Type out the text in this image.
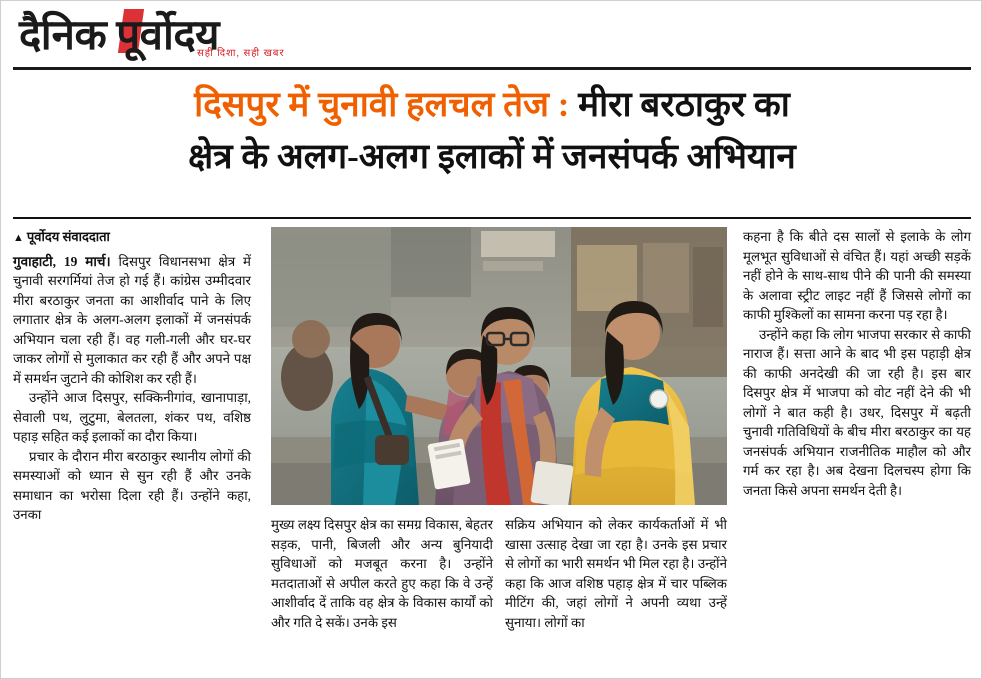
दैनिक पूर्वोदय
सही दिशा, सही खबर
दिसपुर में चुनावी हलचल तेज : मीरा बरठाकुर का
क्षेत्र के अलग-अलग इलाकों में जनसंपर्क अभियान
▲ पूर्वोदय संवाददाता

गुवाहाटी, 19 मार्च। दिसपुर विधानसभा क्षेत्र में चुनावी सरगर्मियां तेज हो गई हैं। कांग्रेस उम्मीदवार मीरा बरठाकुर जनता का आशीर्वाद पाने के लिए लगातार क्षेत्र के अलग-अलग इलाकों में जनसंपर्क अभियान चला रही हैं। वह गली-गली और घर-घर जाकर लोगों से मुलाकात कर रही हैं और अपने पक्ष में समर्थन जुटाने की कोशिश कर रही हैं।

उन्होंने आज दिसपुर, सक्किनीगांव, खानापाड़ा, सेवाली पथ, लुटुमा, बेलतला, शंकर पथ, वशिष्ठ पहाड़ सहित कई इलाकों का दौरा किया।

प्रचार के दौरान मीरा बरठाकुर स्थानीय लोगों की समस्याओं को ध्यान से सुन रही हैं और उनके समाधान का भरोसा दिला रही हैं। उन्होंने कहा, उनका

मुख्य लक्ष्य दिसपुर क्षेत्र का समग्र विकास, बेहतर सड़क, पानी, बिजली और अन्य बुनियादी सुविधाओं को मजबूत करना है। उन्होंने मतदाताओं से अपील करते हुए कहा कि वे उन्हें आशीर्वाद दें ताकि वह क्षेत्र के विकास कार्यों को और गति दे सकें। उनके इस

सक्रिय अभियान को लेकर कार्यकर्ताओं में भी खासा उत्साह देखा जा रहा है। उनके इस प्रचार से लोगों का भारी समर्थन भी मिल रहा है। उन्होंने कहा कि आज वशिष्ठ पहाड़ क्षेत्र में चार पब्लिक मीटिंग की, जहां लोगों ने अपनी व्यथा उन्हें सुनाया। लोगों का

कहना है कि बीते दस सालों से इलाके के लोग मूलभूत सुविधाओं से वंचित हैं। यहां अच्छी सड़कें नहीं होने के साथ-साथ पीने की पानी की समस्या के अलावा स्ट्रीट लाइट नहीं हैं जिससे लोगों का काफी मुश्किलों का सामना करना पड़ रहा है।

उन्होंने कहा कि लोग भाजपा सरकार से काफी नाराज हैं। सत्ता आने के बाद भी इस पहाड़ी क्षेत्र की काफी अनदेखी की जा रही है। इस बार दिसपुर क्षेत्र में भाजपा को वोट नहीं देने की भी लोगों ने बात कही है। उधर, दिसपुर में बढ़ती चुनावी गतिविधियों के बीच मीरा बरठाकुर का यह जनसंपर्क अभियान राजनीतिक माहौल को और गर्म कर रहा है। अब देखना दिलचस्प होगा कि जनता किसे अपना समर्थन देती है।
